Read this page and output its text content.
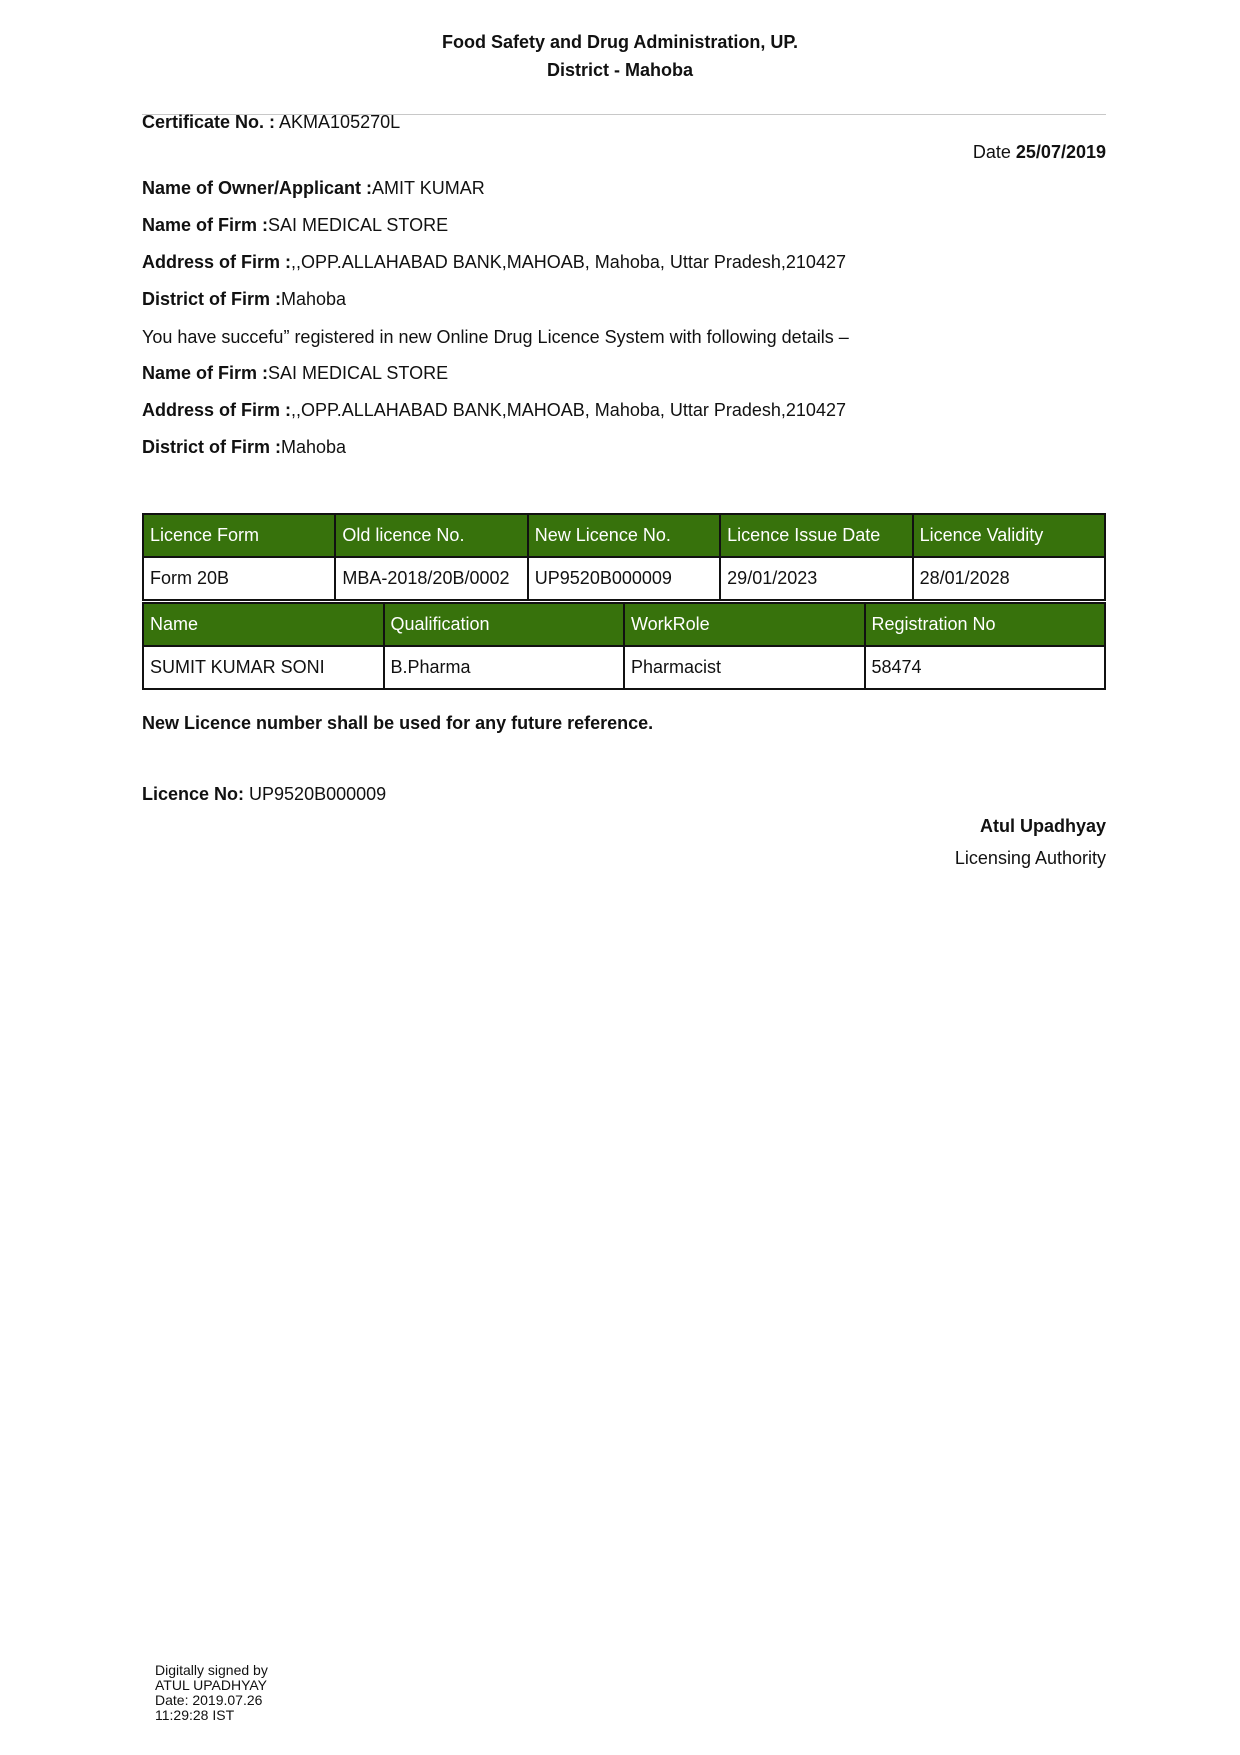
Food Safety and Drug Administration, UP.
District - Mahoba
Certificate No. : AKMA105270L
Date 25/07/2019
Name of Owner/Applicant :AMIT KUMAR
Name of Firm :SAI MEDICAL STORE
Address of Firm :,,OPP.ALLAHABAD BANK,MAHOAB, Mahoba, Uttar Pradesh,210427
District of Firm :Mahoba
You have succefu” registered in new Online Drug Licence System with following details –
Name of Firm :SAI MEDICAL STORE
Address of Firm :,,OPP.ALLAHABAD BANK,MAHOAB, Mahoba, Uttar Pradesh,210427
District of Firm :Mahoba
Licence Form	Old licence No.	New Licence No.	Licence Issue Date	Licence Validity
Form 20B	MBA-2018/20B/0002	UP9520B000009	29/01/2023	28/01/2028
Name	Qualification	WorkRole	Registration No
SUMIT KUMAR SONI	B.Pharma	Pharmacist	58474
New Licence number shall be used for any future reference.
Licence No: UP9520B000009
Atul Upadhyay
Licensing Authority
Digitally signed by
ATUL UPADHYAY
Date: 2019.07.26
11:29:28 IST
